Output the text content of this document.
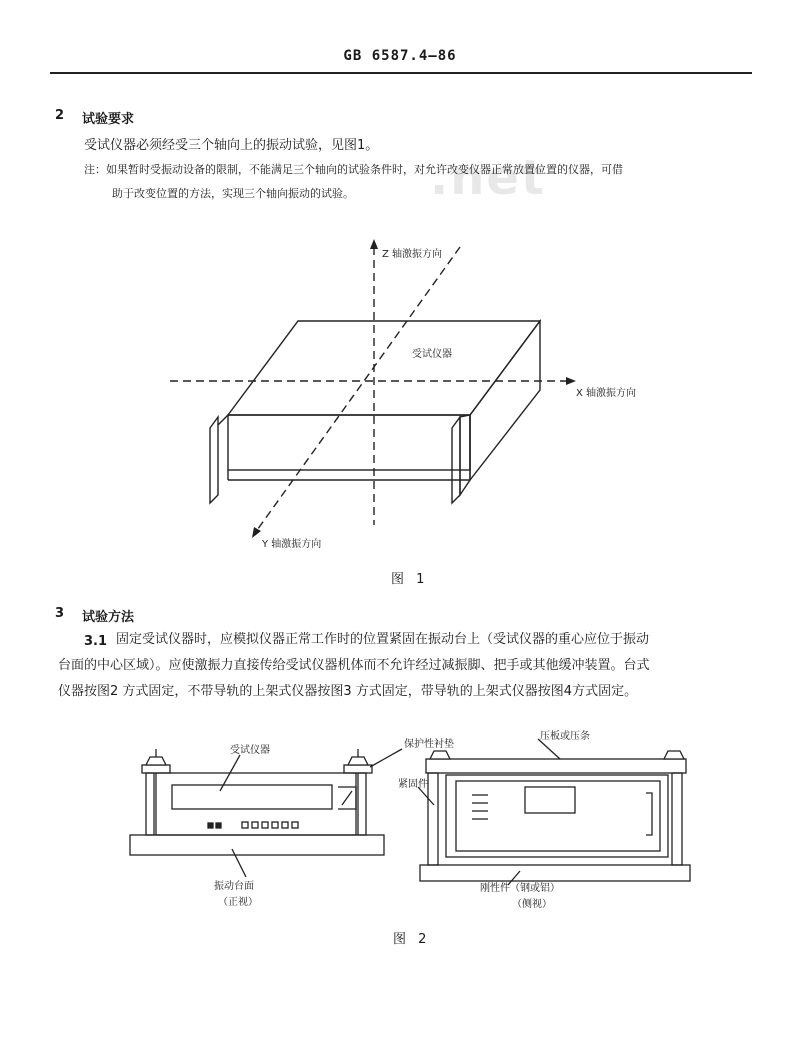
GB 6587.4—86
.net
2 试验要求
受试仪器必须经受三个轴向上的振动试验，见图1。
注：如果暂时受振动设备的限制，不能满足三个轴向的试验条件时，对允许改变仪器正常放置位置的仪器，可借
助于改变位置的方法，实现三个轴向振动的试验。
Z 轴激振方向
X 轴激振方向
Y 轴激振方向
受试仪器
图 1
3 试验方法
3.1 固定受试仪器时，应模拟仪器正常工作时的位置紧固在振动台上（受试仪器的重心应位于振动
台面的中心区域）。应使激振力直接传给受试仪器机体而不允许经过减振脚、把手或其他缓冲装置。台式
仪器按图2 方式固定，不带导轨的上架式仪器按图3 方式固定，带导轨的上架式仪器按图4方式固定。
受试仪器
保护性衬垫
压板或压条
紧固件
振动台面
（正视）
刚性件（钢或铝）
（侧视）
图 2
